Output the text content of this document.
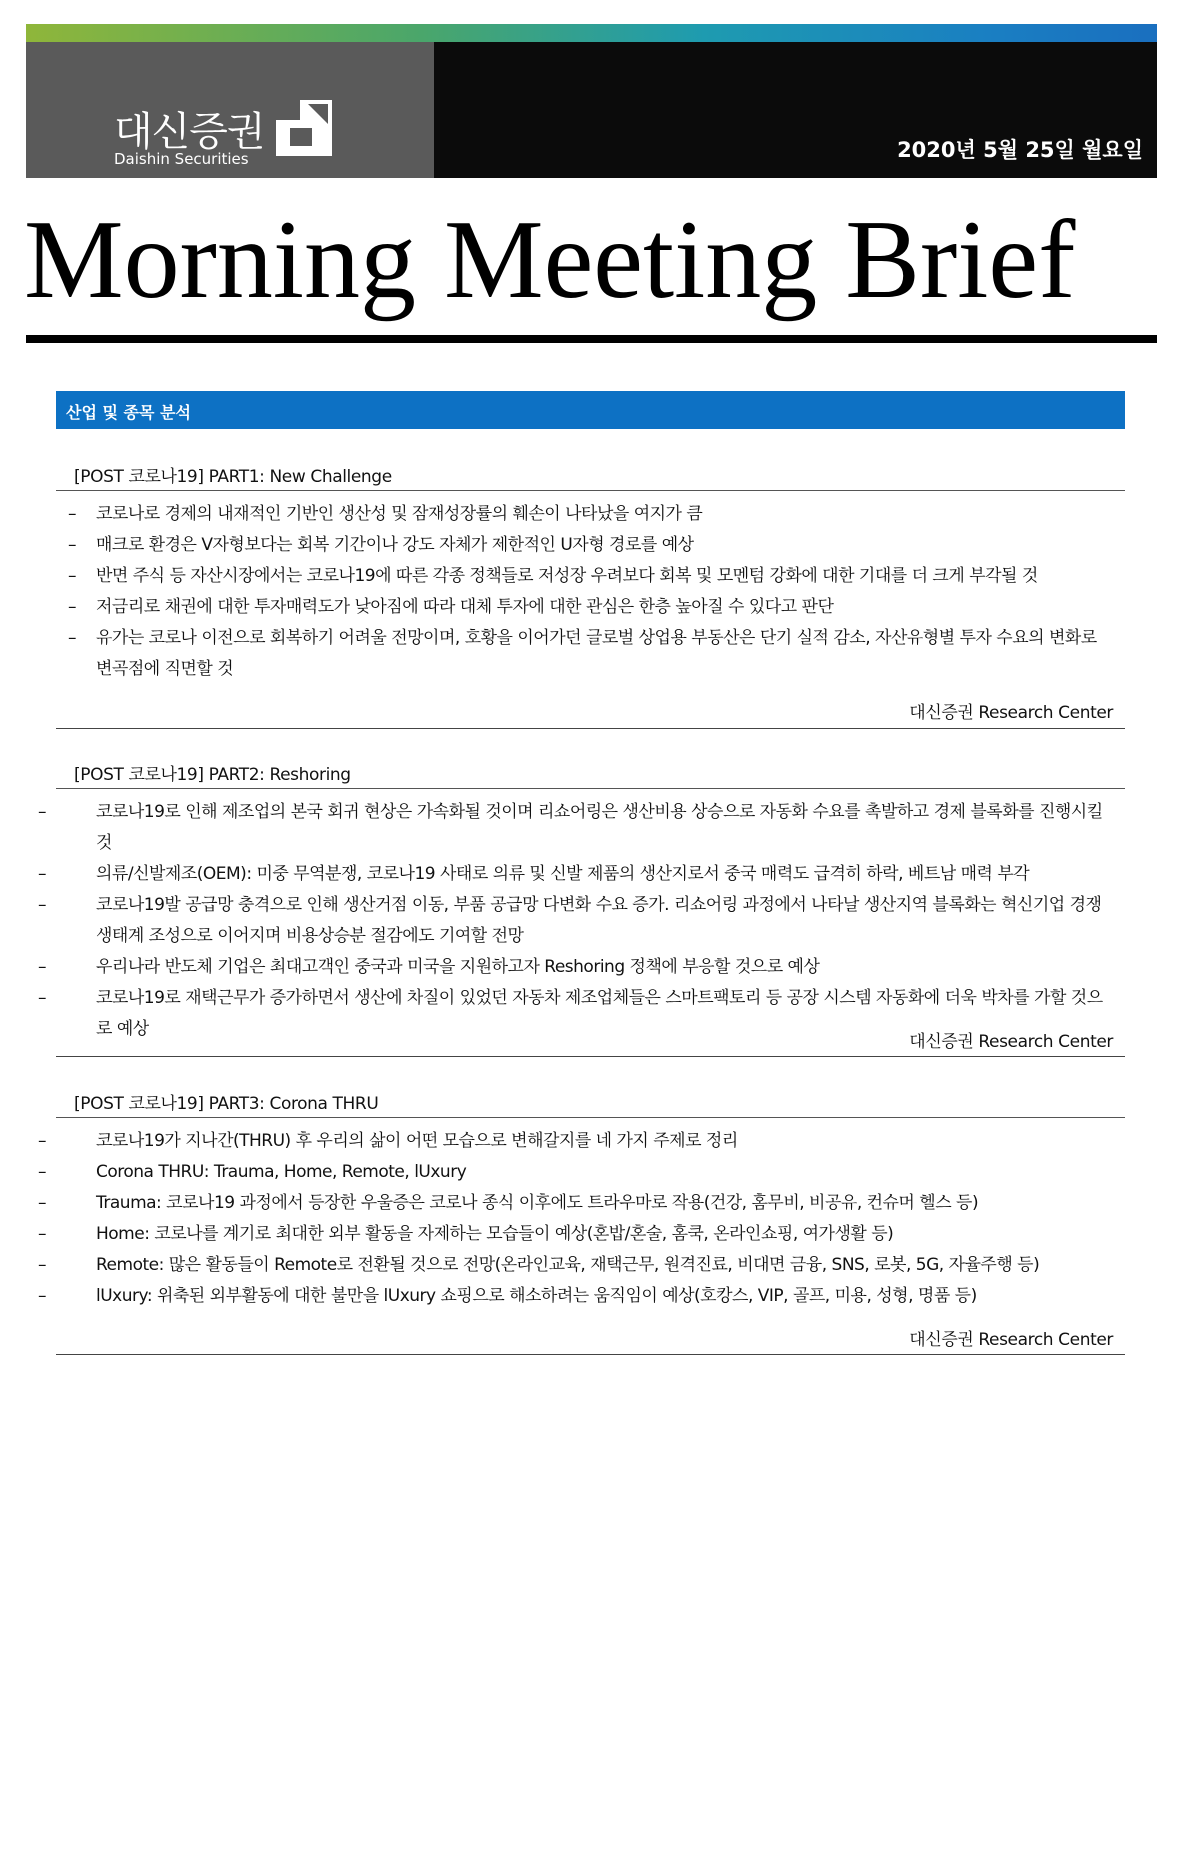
대신증권
Daishin Securities	2020년 5월 25일 월요일
Morning Meeting Brief
산업 및 종목 분석
[POST 코로나19] PART1: New Challenge
– 코로나로 경제의 내재적인 기반인 생산성 및 잠재성장률의 훼손이 나타났을 여지가 큼
– 매크로 환경은 V자형보다는 회복 기간이나 강도 자체가 제한적인 U자형 경로를 예상
– 반면 주식 등 자산시장에서는 코로나19에 따른 각종 정책들로 저성장 우려보다 회복 및 모멘텀 강화에 대한 기대를 더 크게 부각될 것
– 저금리로 채권에 대한 투자매력도가 낮아짐에 따라 대체 투자에 대한 관심은 한층 높아질 수 있다고 판단
– 유가는 코로나 이전으로 회복하기 어려울 전망이며, 호황을 이어가던 글로벌 상업용 부동산은 단기 실적 감소, 자산유형별 투자 수요의 변화로 변곡점에 직면할 것
대신증권 Research Center
[POST 코로나19] PART2: Reshoring
–	코로나19로 인해 제조업의 본국 회귀 현상은 가속화될 것이며 리쇼어링은 생산비용 상승으로 자동화 수요를 촉발하고 경제 블록화를 진행시킬 것
–	의류/신발제조(OEM): 미중 무역분쟁, 코로나19 사태로 의류 및 신발 제품의 생산지로서 중국 매력도 급격히 하락, 베트남 매력 부각
–	코로나19발 공급망 충격으로 인해 생산거점 이동, 부품 공급망 다변화 수요 증가. 리쇼어링 과정에서 나타날 생산지역 블록화는 혁신기업 경쟁생태계 조성으로 이어지며 비용상승분 절감에도 기여할 전망
–	우리나라 반도체 기업은 최대고객인 중국과 미국을 지원하고자 Reshoring 정책에 부응할 것으로 예상
–	코로나19로 재택근무가 증가하면서 생산에 차질이 있었던 자동차 제조업체들은 스마트팩토리 등 공장 시스템 자동화에 더욱 박차를 가할 것으로 예상
대신증권 Research Center
[POST 코로나19] PART3: Corona THRU
–	코로나19가 지나간(THRU) 후 우리의 삶이 어떤 모습으로 변해갈지를 네 가지 주제로 정리
–	Corona THRU: Trauma, Home, Remote, lUxury
–	Trauma: 코로나19 과정에서 등장한 우울증은 코로나 종식 이후에도 트라우마로 작용(건강, 홈무비, 비공유, 컨슈머 헬스 등)
–	Home: 코로나를 계기로 최대한 외부 활동을 자제하는 모습들이 예상(혼밥/혼술, 홈쿡, 온라인쇼핑, 여가생활 등)
–	Remote: 많은 활동들이 Remote로 전환될 것으로 전망(온라인교육, 재택근무, 원격진료, 비대면 금융, SNS, 로봇, 5G, 자율주행 등)
–	lUxury: 위축된 외부활동에 대한 불만을 lUxury 쇼핑으로 해소하려는 움직임이 예상(호캉스, VIP, 골프, 미용, 성형, 명품 등)
대신증권 Research Center
